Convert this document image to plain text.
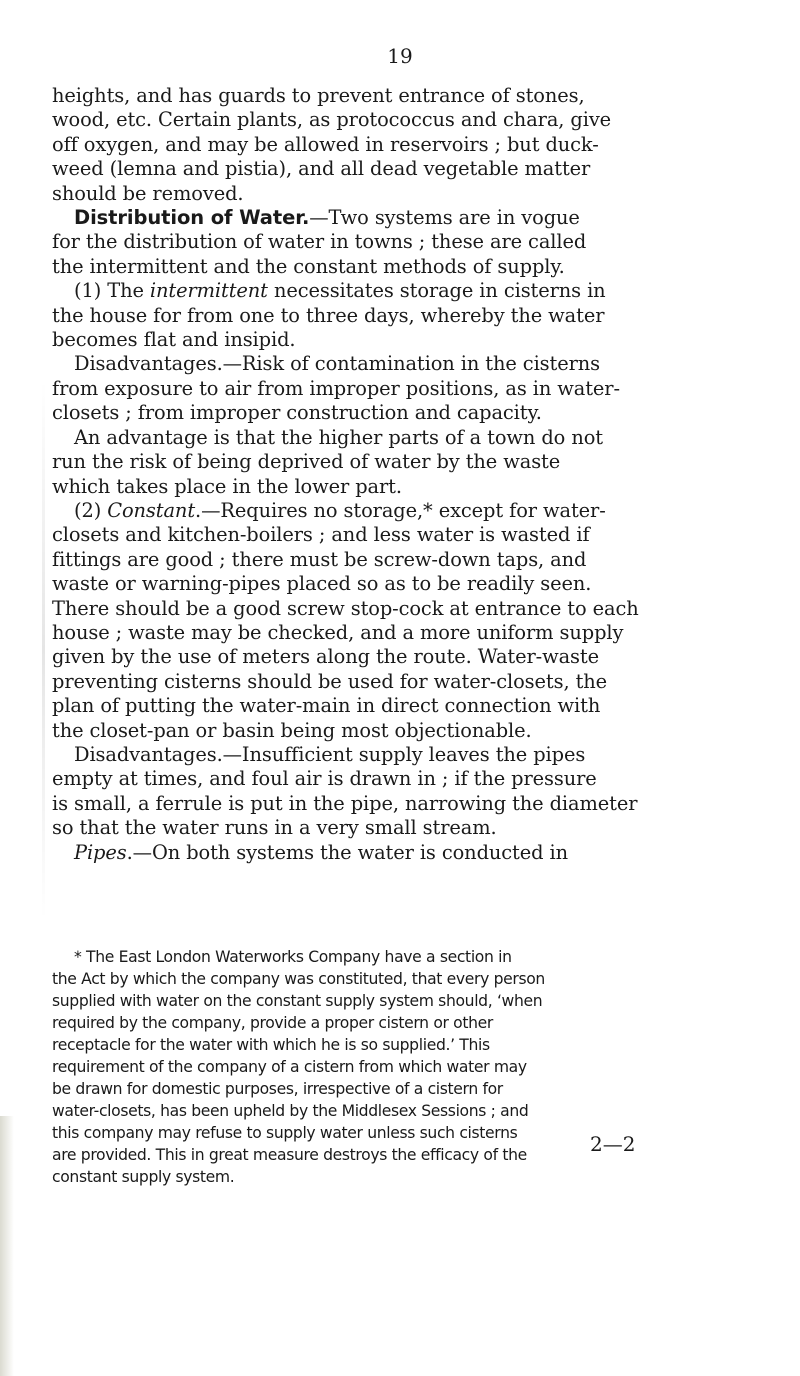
19
heights, and has guards to prevent entrance of stones,
wood, etc. Certain plants, as protococcus and chara, give
off oxygen, and may be allowed in reservoirs ; but duck-
weed (lemna and pistia), and all dead vegetable matter
should be removed.
Distribution of Water.—Two systems are in vogue
for the distribution of water in towns ; these are called
the intermittent and the constant methods of supply.
(1) The intermittent necessitates storage in cisterns in
the house for from one to three days, whereby the water
becomes flat and insipid.
Disadvantages.—Risk of contamination in the cisterns
from exposure to air from improper positions, as in water-
closets ; from improper construction and capacity.
An advantage is that the higher parts of a town do not
run the risk of being deprived of water by the waste
which takes place in the lower part.
(2) Constant.—Requires no storage,* except for water-
closets and kitchen-boilers ; and less water is wasted if
fittings are good ; there must be screw-down taps, and
waste or warning-pipes placed so as to be readily seen.
There should be a good screw stop-cock at entrance to each
house ; waste may be checked, and a more uniform supply
given by the use of meters along the route. Water-waste
preventing cisterns should be used for water-closets, the
plan of putting the water-main in direct connection with
the closet-pan or basin being most objectionable.
Disadvantages.—Insufficient supply leaves the pipes
empty at times, and foul air is drawn in ; if the pressure
is small, a ferrule is put in the pipe, narrowing the diameter
so that the water runs in a very small stream.
Pipes.—On both systems the water is conducted in
* The East London Waterworks Company have a section in
the Act by which the company was constituted, that every person
supplied with water on the constant supply system should, ‘when
required by the company, provide a proper cistern or other
receptacle for the water with which he is so supplied.’ This
requirement of the company of a cistern from which water may
be drawn for domestic purposes, irrespective of a cistern for
water-closets, has been upheld by the Middlesex Sessions ; and
this company may refuse to supply water unless such cisterns
are provided. This in great measure destroys the efficacy of the
constant supply system.
2—2
